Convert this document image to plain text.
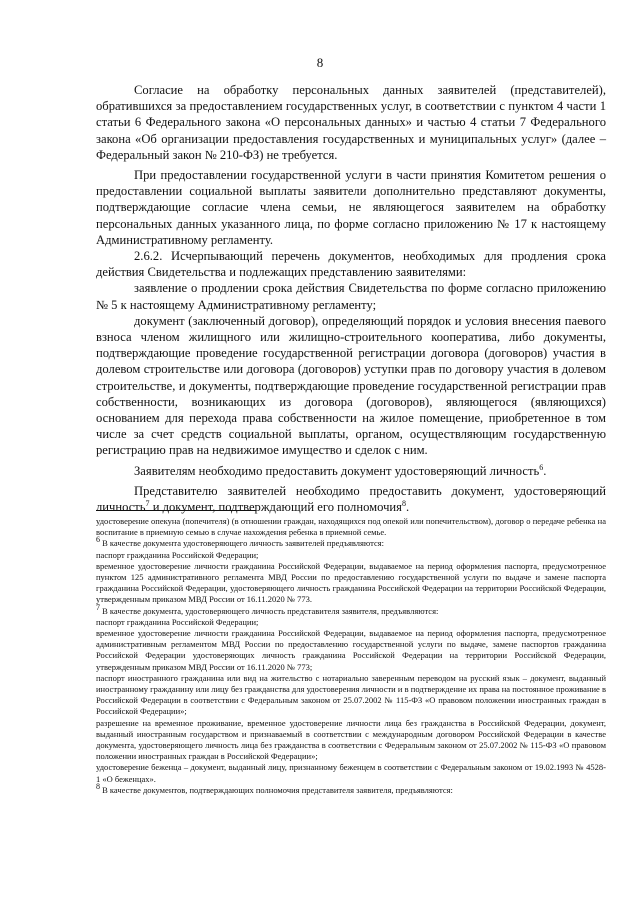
8

Согласие на обработку персональных данных заявителей (представителей), обратившихся за предоставлением государственных услуг, в соответствии с пунктом 4 части 1 статьи 6 Федерального закона «О персональных данных» и частью 4 статьи 7 Федерального закона «Об организации предоставления государственных и муниципальных услуг» (далее – Федеральный закон № 210-ФЗ) не требуется.

При предоставлении государственной услуги в части принятия Комитетом решения о предоставлении социальной выплаты заявители дополнительно представляют документы, подтверждающие согласие члена семьи, не являющегося заявителем на обработку персональных данных указанного лица, по форме согласно приложению № 17 к настоящему Административному регламенту.

2.6.2. Исчерпывающий перечень документов, необходимых для продления срока действия Свидетельства и подлежащих представлению заявителями:

заявление о продлении срока действия Свидетельства по форме согласно приложению № 5 к настоящему Административному регламенту;

документ (заключенный договор), определяющий порядок и условия внесения паевого взноса членом жилищного или жилищно-строительного кооператива, либо документы, подтверждающие проведение государственной регистрации договора (договоров) участия в долевом строительстве или договора (договоров) уступки прав по договору участия в долевом строительстве, и документы, подтверждающие проведение государственной регистрации прав собственности, возникающих из договора (договоров), являющегося (являющихся) основанием для перехода права собственности на жилое помещение, приобретенное в том числе за счет средств социальной выплаты, органом, осуществляющим государственную регистрацию прав на недвижимое имущество и сделок с ним.

Заявителям необходимо предоставить документ удостоверяющий личность$^6$.

Представителю заявителей необходимо предоставить документ, удостоверяющий личность$^7$ и документ, подтверждающий его полномочия$^8$.

удостоверение опекуна (попечителя) (в отношении граждан, находящихся под опекой или попечительством), договор о передаче ребенка на воспитание в приемную семью в случае нахождения ребенка в приемной семье.

$^6$ В качестве документа удостоверяющего личность заявителей предъявляются:

паспорт гражданина Российской Федерации;

временное удостоверение личности гражданина Российской Федерации, выдаваемое на период оформления паспорта, предусмотренное пунктом 125 административного регламента МВД России по предоставлению государственной услуги по выдаче и замене паспорта гражданина Российской Федерации, удостоверяющего личность гражданина Российской Федерации на территории Российской Федерации, утвержденным приказом МВД России от 16.11.2020 № 773.

$^7$ В качестве документа, удостоверяющего личность представителя заявителя, предъявляются:

паспорт гражданина Российской Федерации;

временное удостоверение личности гражданина Российской Федерации, выдаваемое на период оформления паспорта, предусмотренное административным регламентом МВД России по предоставлению государственной услуги по выдаче, замене паспортов гражданина Российской Федерации удостоверяющих личность гражданина Российской Федерации на территории Российской Федерации, утвержденным приказом МВД России от 16.11.2020 № 773;

паспорт иностранного гражданина или вид на жительство с нотариально заверенным переводом на русский язык – документ, выданный иностранному гражданину или лицу без гражданства для удостоверения личности и в подтверждение их права на постоянное проживание в Российской Федерации в соответствии с Федеральным законом от 25.07.2002 № 115-ФЗ «О правовом положении иностранных граждан в Российской Федерации»;

разрешение на временное проживание, временное удостоверение личности лица без гражданства в Российской Федерации, документ, выданный иностранным государством и признаваемый в соответствии с международным договором Российской Федерации в качестве документа, удостоверяющего личность лица без гражданства в соответствии с Федеральным законом от 25.07.2002 № 115-ФЗ «О правовом положении иностранных граждан в Российской Федерации»;

удостоверение беженца – документ, выданный лицу, признанному беженцем в соответствии с Федеральным законом от 19.02.1993 № 4528-1 «О беженцах».

$^8$ В качестве документов, подтверждающих полномочия представителя заявителя, предъявляются:
